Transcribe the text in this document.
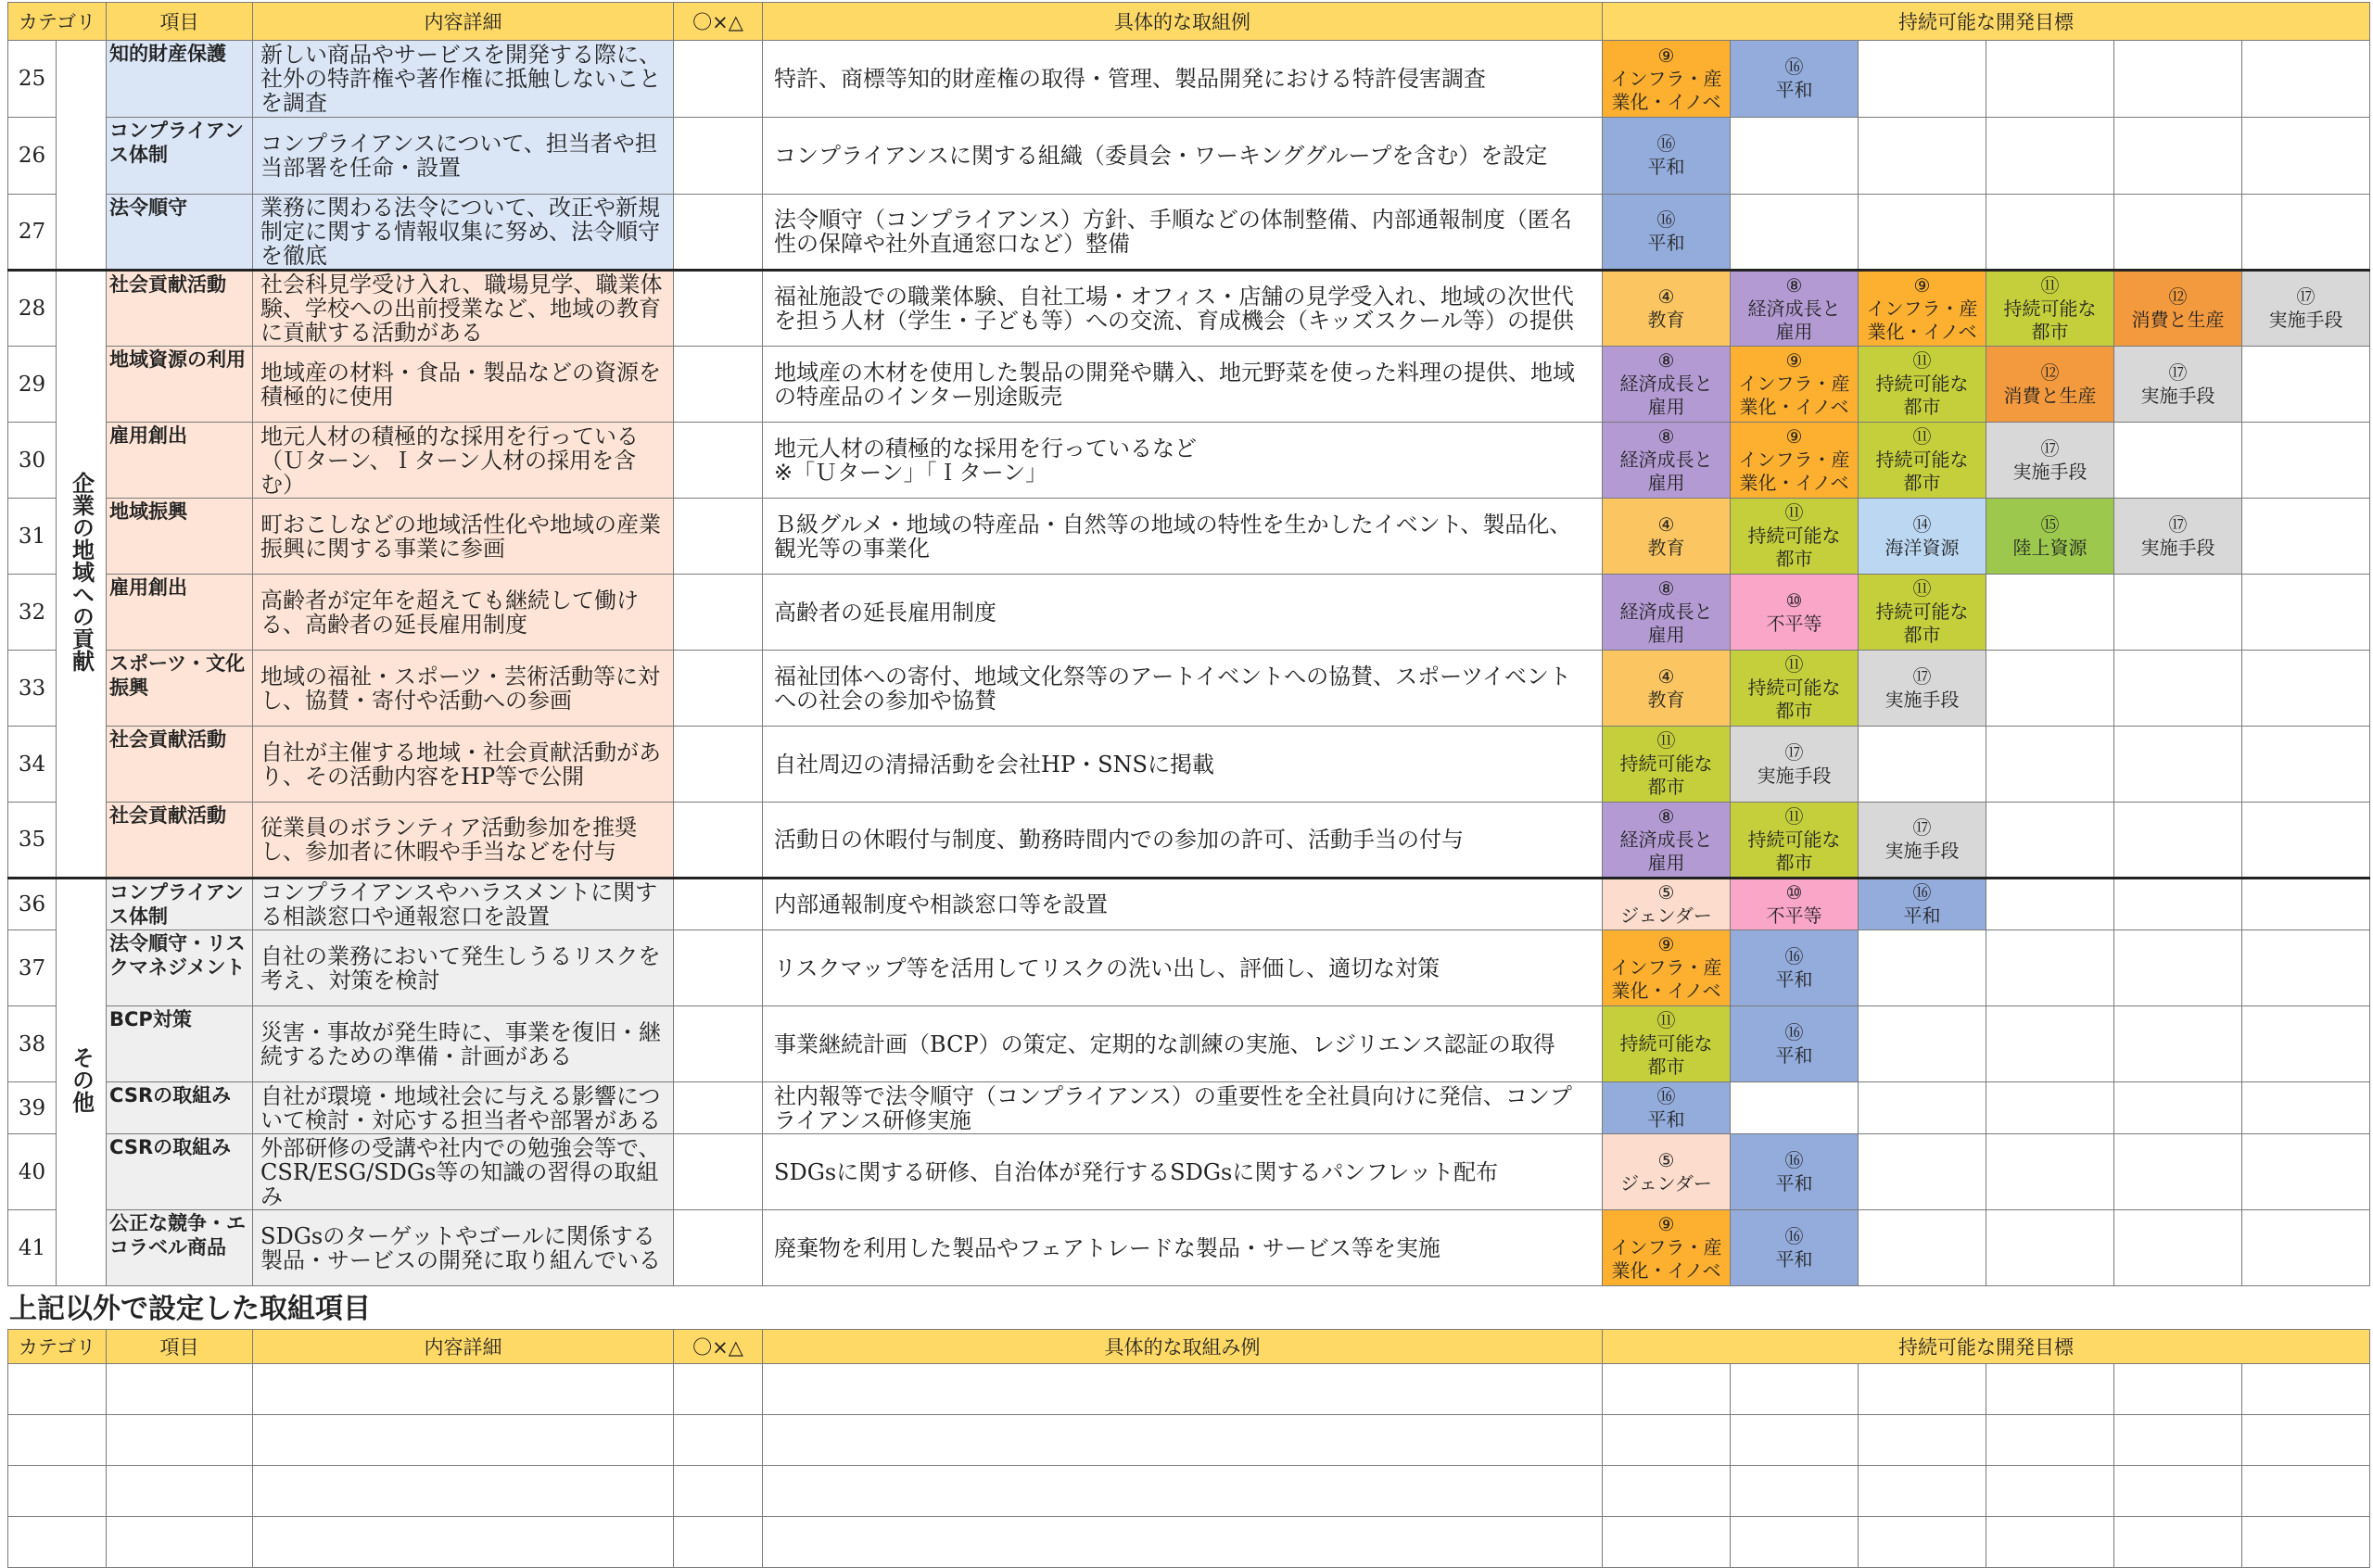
カテゴリ		項目	内容詳細	〇×△	具体的な取組例	持続可能な開発目標					
25		知的財産保護	新しい商品やサービスを開発する際に、社外の特許権や著作権に抵触しないことを調査		特許、商標等知的財産権の取得・管理、製品開発における特許侵害調査	⑨
インフラ・産
業化・イノベ	⑯
平和				
26		コンプライアンス体制	コンプライアンスについて、担当者や担当部署を任命・設置		コンプライアンスに関する組織（委員会・ワーキンググループを含む）を設定	⑯
平和					
27		法令順守	業務に関わる法令について、改正や新規制定に関する情報収集に努め、法令順守を徹底		法令順守（コンプライアンス）方針、手順などの体制整備、内部通報制度（匿名性の保障や社外直通窓口など）整備	⑯
平和					
28	企業の地域への貢献	社会貢献活動	社会科見学受け入れ、職場見学、職業体験、学校への出前授業など、地域の教育に貢献する活動がある		福祉施設での職業体験、自社工場・オフィス・店舗の見学受入れ、地域の次世代を担う人材（学生・子ども等）への交流、育成機会（キッズスクール等）の提供	④
教育	⑧
経済成長と
雇用	⑨
インフラ・産
業化・イノベ	⑪
持続可能な
都市	⑫
消費と生産	⑰
実施手段
29		地域資源の利用	地域産の材料・食品・製品などの資源を積極的に使用		地域産の木材を使用した製品の開発や購入、地元野菜を使った料理の提供、地域の特産品のインター別途販売	⑧
経済成長と
雇用	⑨
インフラ・産
業化・イノベ	⑪
持続可能な
都市	⑫
消費と生産	⑰
実施手段	
30		雇用創出	地元人材の積極的な採用を行っている（Ｕターン、Ｉターン人材の採用を含む）		地元人材の積極的な採用を行っているなど
※「Ｕターン」「Ｉターン」	⑧
経済成長と
雇用	⑨
インフラ・産
業化・イノベ	⑪
持続可能な
都市	⑰
実施手段		
31		地域振興	町おこしなどの地域活性化や地域の産業振興に関する事業に参画		Ｂ級グルメ・地域の特産品・自然等の地域の特性を生かしたイベント、製品化、観光等の事業化	④
教育	⑪
持続可能な
都市	⑭
海洋資源	⑮
陸上資源	⑰
実施手段	
32		雇用創出	高齢者が定年を超えても継続して働ける、高齢者の延長雇用制度		高齢者の延長雇用制度	⑧
経済成長と
雇用	⑩
不平等	⑪
持続可能な
都市			
33		スポーツ・文化振興	地域の福祉・スポーツ・芸術活動等に対し、協賛・寄付や活動への参画		福祉団体への寄付、地域文化祭等のアートイベントへの協賛、スポーツイベントへの社会の参加や協賛	④
教育	⑪
持続可能な
都市	⑰
実施手段			
34		社会貢献活動	自社が主催する地域・社会貢献活動があり、その活動内容をHP等で公開		自社周辺の清掃活動を会社HP・SNSに掲載	⑪
持続可能な
都市	⑰
実施手段				
35		社会貢献活動	従業員のボランティア活動参加を推奨し、参加者に休暇や手当などを付与		活動日の休暇付与制度、勤務時間内での参加の許可、活動手当の付与	⑧
経済成長と
雇用	⑪
持続可能な
都市	⑰
実施手段			
36	その他	コンプライアンス体制	コンプライアンスやハラスメントに関する相談窓口や通報窓口を設置		内部通報制度や相談窓口等を設置	⑤
ジェンダー	⑩
不平等	⑯
平和			
37		法令順守・リスクマネジメント	自社の業務において発生しうるリスクを考え、対策を検討		リスクマップ等を活用してリスクの洗い出し、評価し、適切な対策	⑨
インフラ・産
業化・イノベ	⑯
平和				
38		BCP対策	災害・事故が発生時に、事業を復旧・継続するための準備・計画がある		事業継続計画（BCP）の策定、定期的な訓練の実施、レジリエンス認証の取得	⑪
持続可能な
都市	⑯
平和				
39		CSRの取組み	自社が環境・地域社会に与える影響について検討・対応する担当者や部署がある		社内報等で法令順守（コンプライアンス）の重要性を全社員向けに発信、コンプライアンス研修実施	⑯
平和					
40		CSRの取組み	外部研修の受講や社内での勉強会等で、CSR/ESG/SDGs等の知識の習得の取組み		SDGsに関する研修、自治体が発行するSDGsに関するパンフレット配布	⑤
ジェンダー	⑯
平和				
41		公正な競争・エコラベル商品	SDGsのターゲットやゴールに関係する製品・サービスの開発に取り組んでいる		廃棄物を利用した製品やフェアトレードな製品・サービス等を実施	⑨
インフラ・産
業化・イノベ	⑯
平和				
上記以外で設定した取組項目
カテゴリ	項目	内容詳細	〇×△	具体的な取組み例	持続可能な開発目標					
